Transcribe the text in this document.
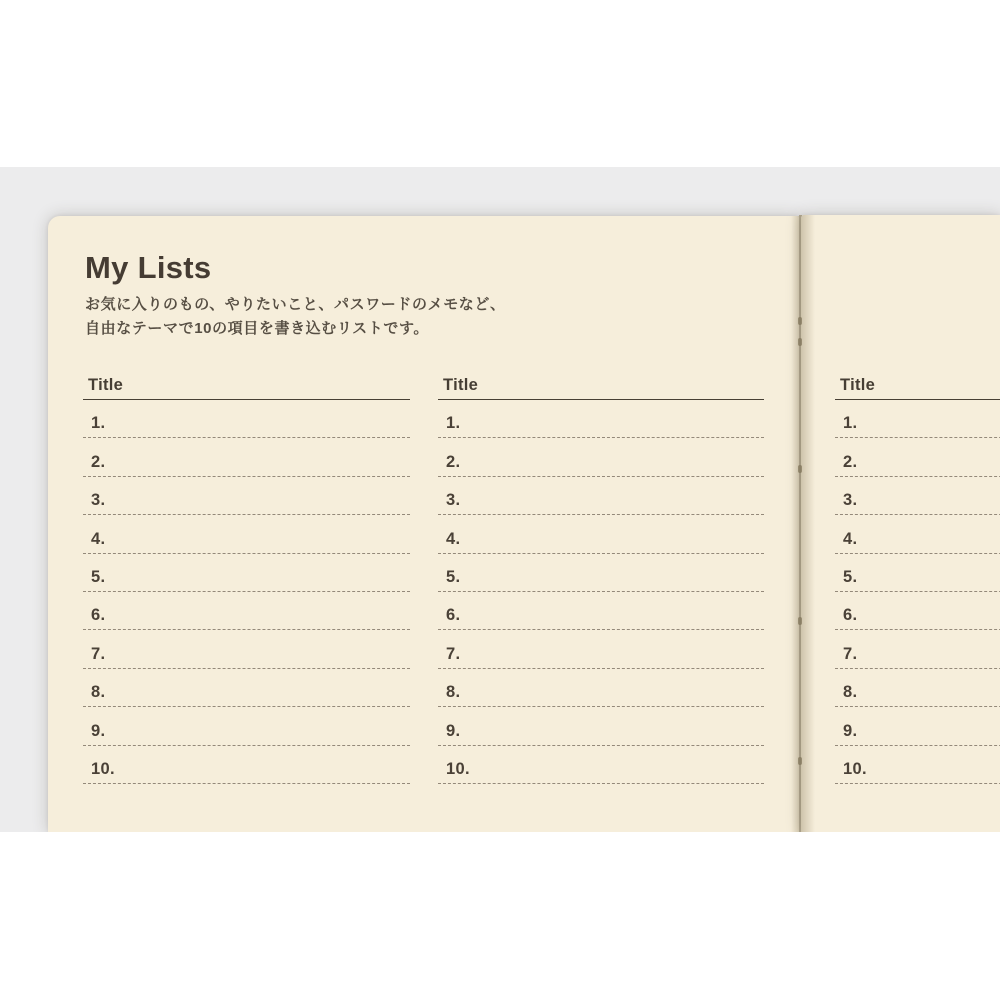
My Lists

お気に入りのもの、やりたいこと、パスワードのメモなど、
自由なテーマで10の項目を書き込むリストです。

Title
1.
2.
3.
4.
5.
6.
7.
8.
9.
10.
Title
1.
2.
3.
4.
5.
6.
7.
8.
9.
10.
Title
1.
2.
3.
4.
5.
6.
7.
8.
9.
10.
